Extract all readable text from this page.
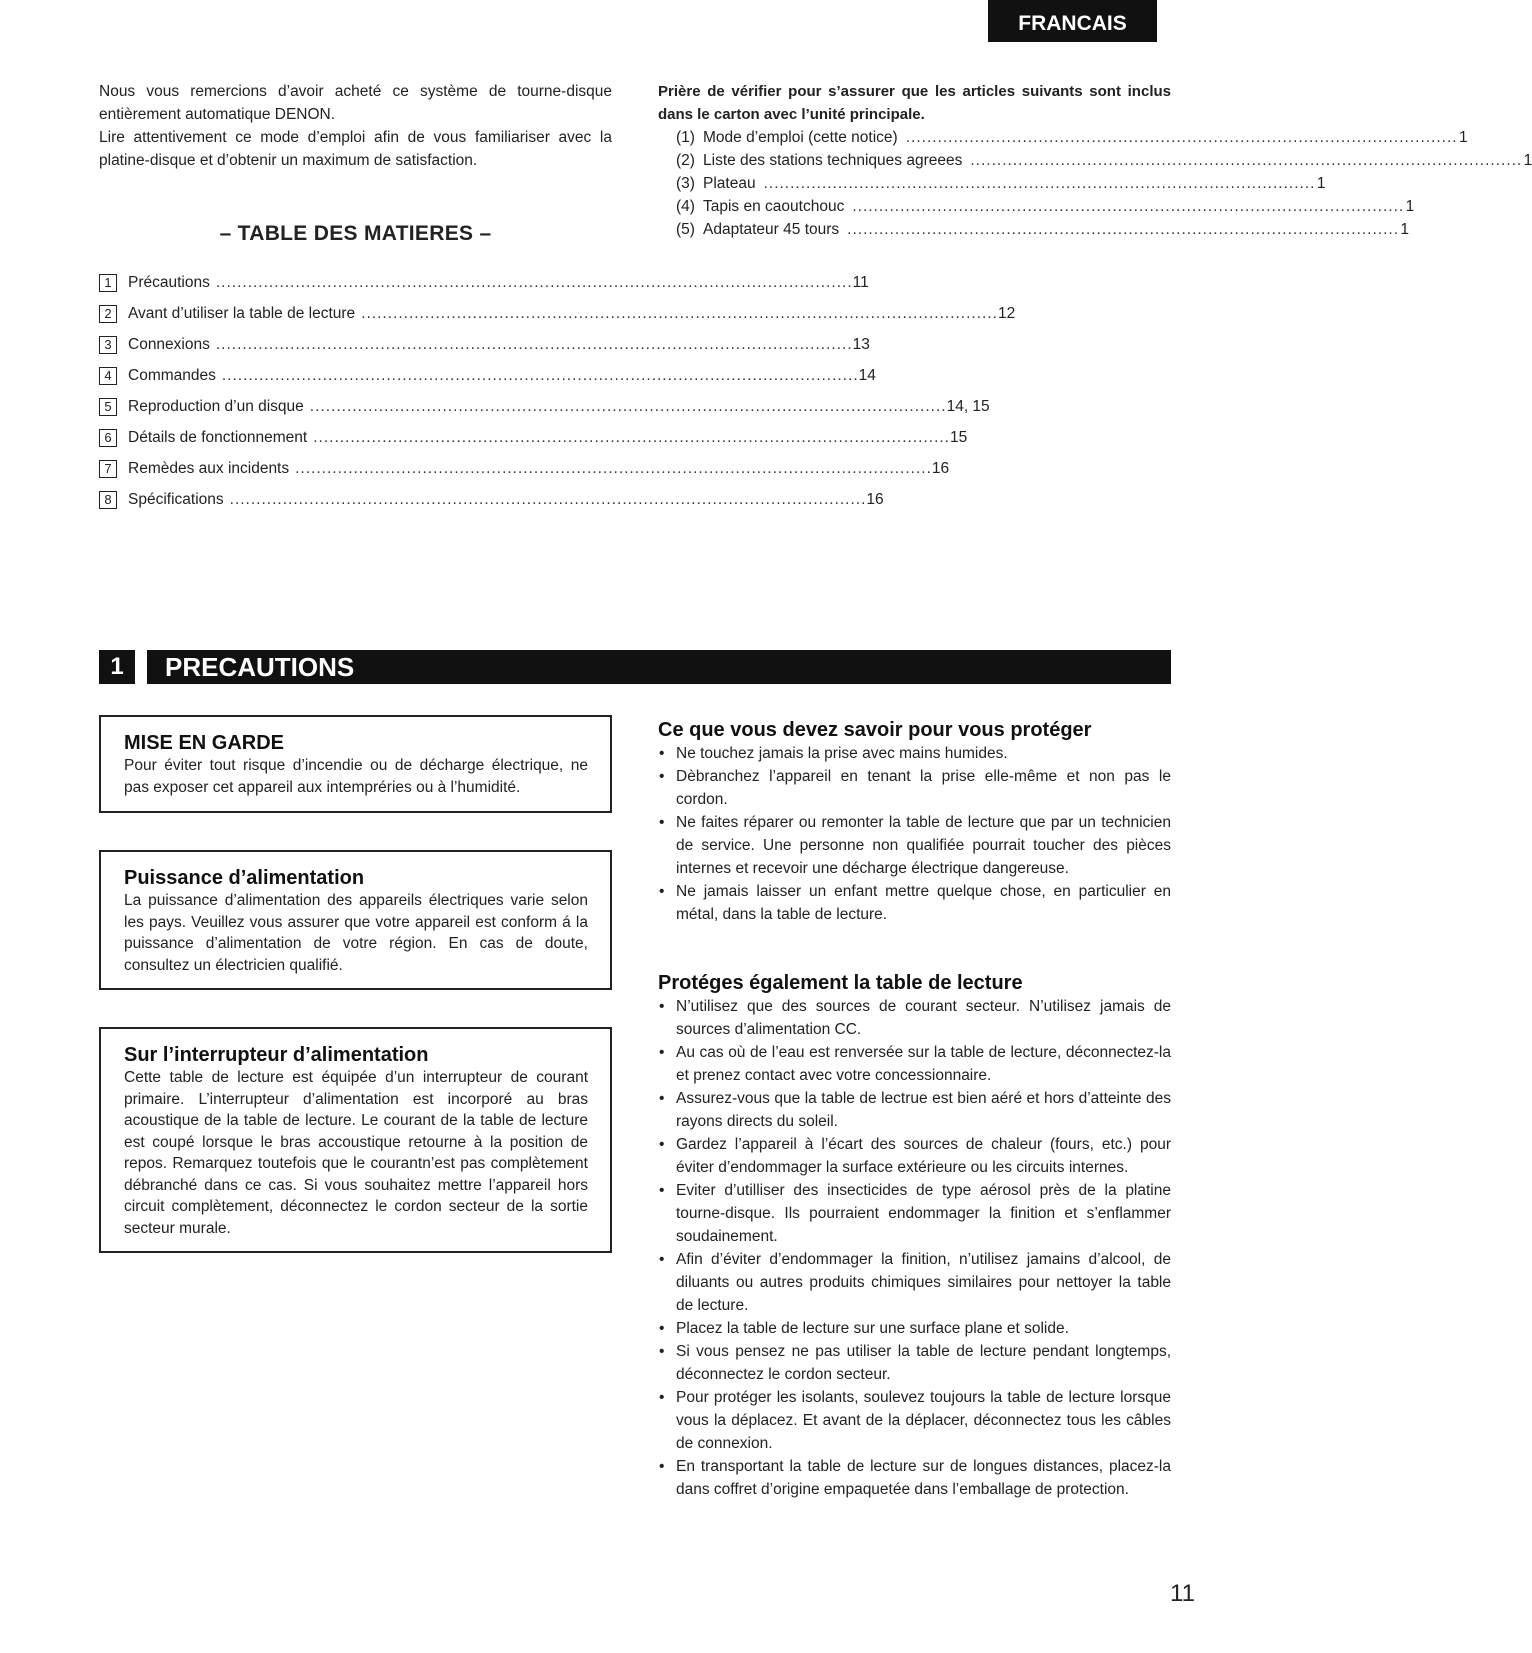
FRANCAIS

Nous vous remercions d’avoir acheté ce système de tourne-disque entièrement automatique DENON.

Lire attentivement ce mode d’emploi afin de vous familiariser avec la platine-disque et d’obtenir un maximum de satisfaction.

Prière de vérifier pour s’assurer que les articles suivants sont inclus dans le carton avec l’unité principale.
(1) Mode d’emploi (cette notice) ........................................................................................................ 1
(2) Liste des stations techniques agreees ........................................................................................................ 1
(3) Plateau ........................................................................................................ 1
(4) Tapis en caoutchouc ........................................................................................................ 1
(5) Adaptateur 45 tours ........................................................................................................ 1
– TABLE DES MATIERES –
1	Précautions ........................................................................................................................ 11
2	Avant d’utiliser la table de lecture ........................................................................................................................ 12
3	Connexions ........................................................................................................................ 13
4	Commandes ........................................................................................................................ 14
5	Reproduction d’un disque ........................................................................................................................ 14, 15
6	Détails de fonctionnement ........................................................................................................................ 15
7	Remèdes aux incidents ........................................................................................................................ 16
8	Spécifications ........................................................................................................................ 16
1	PRECAUTIONS
MISE EN GARDE

Pour éviter tout risque d’incendie ou de décharge électrique, ne pas exposer cet appareil aux intempréries ou à l’humidité.

Puissance d’alimentation

La puissance d’alimentation des appareils électriques varie selon les pays. Veuillez vous assurer que votre appareil est conform á la puissance d’alimentation de votre région. En cas de doute, consultez un électricien qualifié.

Sur l’interrupteur d’alimentation

Cette table de lecture est équipée d’un interrupteur de courant primaire. L’interrupteur d’alimentation est incorporé au bras acoustique de la table de lecture. Le courant de la table de lecture est coupé lorsque le bras accoustique retourne à la position de repos. Remarquez toutefois que le courantn’est pas complètement débranché dans ce cas. Si vous souhaitez mettre l’appareil hors circuit complètement, déconnectez le cordon secteur de la sortie secteur murale.

Ce que vous devez savoir pour vous protéger
• Ne touchez jamais la prise avec mains humides.
• Dèbranchez l’appareil en tenant la prise elle-même et non pas le cordon.
• Ne faites réparer ou remonter la table de lecture que par un technicien de service. Une personne non qualifiée pourrait toucher des pièces internes et recevoir une décharge électrique dangereuse.
• Ne jamais laisser un enfant mettre quelque chose, en particulier en métal, dans la table de lecture.
Protéges également la table de lecture
• N’utilisez que des sources de courant secteur. N’utilisez jamais de sources d’alimentation CC.
• Au cas où de l’eau est renversée sur la table de lecture, déconnectez-la et prenez contact avec votre concessionnaire.
• Assurez-vous que la table de lectrue est bien aéré et hors d’atteinte des rayons directs du soleil.
• Gardez l’appareil à l’écart des sources de chaleur (fours, etc.) pour éviter d’endommager la surface extérieure ou les circuits internes.
• Eviter d’utilliser des insecticides de type aérosol près de la platine tourne-disque. Ils pourraient endommager la finition et s’enflammer soudainement.
• Afin d’éviter d’endommager la finition, n’utilisez jamains d’alcool, de diluants ou autres produits chimiques similaires pour nettoyer la table de lecture.
• Placez la table de lecture sur une surface plane et solide.
• Si vous pensez ne pas utiliser la table de lecture pendant longtemps, déconnectez le cordon secteur.
• Pour protéger les isolants, soulevez toujours la table de lecture lorsque vous la déplacez. Et avant de la déplacer, déconnectez tous les câbles de connexion.
• En transportant la table de lecture sur de longues distances, placez-la dans coffret d’origine empaquetée dans l’emballage de protection.
11
